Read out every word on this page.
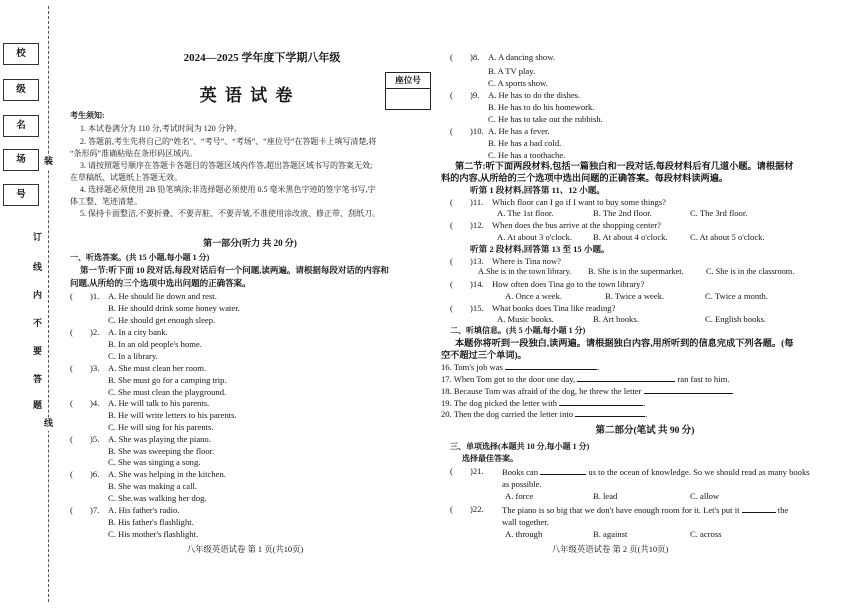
校
级
名
场
号
装
订
线
内
不
要
答
题
线
2024—2025 学年度下学期八年级
座位号
英 语 试 卷
考生须知:
1. 本试卷满分为 110 分,考试时间为 120 分钟。
2. 答题前,考生先将自己的“姓名”、“考号”、“考场”、“座位号”在答题卡上填写清楚,将
“条形码”准确粘贴在条形码区域内。
3. 请按照题号顺序在答题卡各题目的答题区域内作答,超出答题区域书写的答案无效;
在草稿纸、试题纸上答题无效。
4. 选择题必须使用 2B 铅笔填涂;非选择题必须使用 0.5 毫米黑色字迹的签字笔书写,字
体工整、笔迹清楚。
5. 保持卡面整洁,不要折叠、不要弄脏、不要弄皱,不准使用涂改液、修正带、刮纸刀。
第一部分(听力 共 20 分)
一、听选答案。(共 15 小题,每小题 1 分)
第一节:听下面 10 段对话,每段对话后有一个问题,读两遍。请根据每段对话的内容和
问题,从所给的三个选项中选出问题的正确答案。
(　　)1. A. He should lie down and rest.
B. He should drink some honey water.
C. He should get enough sleep.
(　　)2. A. In a city bank.
B. In an old people's home.
C. In a library.
(　　)3. A. She must clean her room.
B. She must go for a camping trip.
C. She must clean the playground.
(　　)4. A. He will talk to his parents.
B. He will write letters to his parents.
C. He will sing for his parents.
(　　)5. A. She was playing the piano.
B. She was sweeping the floor.
C. She was singing a song.
(　　)6. A. She was helping in the kitchen.
B. She was making a call.
C. She.was walking her dog.
(　　)7. A. His father's radio.
B. His father's flashlight.
C. His mother's flashlight.
八年级英语试卷 第 1 页(共10页)
(　　)8. A. A dancing show.
B. A TV play.
C. A sports show.
(　　)9. A. He has to do the dishes.
B. He has to do his homework.
C. He has to take out the rubbish.
(　　)10. A. He has a fever.
B. He has a bad cold.
C. He has a toothache.
第二节:听下面两段材料,包括一篇独白和一段对话,每段材料后有几道小题。请根据材
料的内容,从所给的三个选项中选出问题的正确答案。每段材料读两遍。
听第 1 段材料,回答第 11、12 小题。
(　　)11. Which floor can I go if I want to buy some things?
A. The 1st floor.	B. The 2nd floor.	C. The 3rd floor.
(　　)12. When does the bus arrive at the shopping center?
A. At about 3 o'clock. B. At about 4 o'clock.	C. At about 5 o'clock.
听第 2 段材料,回答第 13 至 15 小题。
(　　)13. Where is Tina now?
A.She is in the town library. B. She is in the supermarket.	C. She is in the classroom.
(　　)14. How often does Tina go to the town library?
A. Once a week.	B. Twice a week.	C. Twice a month.
(　　)15. What books does Tina like reading?
A. Music books.	B. Art books.	C. English books.
二、听填信息。(共 5 小题,每小题 1 分)
本题你将听到一段独白,读两遍。请根据独白内容,用所听到的信息完成下列各题。(每
空不超过三个单词)。
16. Tom's job was	.
17. When Tom got to the door one day,	ran fast to him.
18. Because Tom was afraid of the dog, he threw the letter	.
19. The dog picked the letter with	.
20. Then the dog carried the letter into	.
第二部分(笔试 共 90 分)
三、单项选择(本题共 10 分,每小题 1 分)
选择最佳答案。
(　　)21. Books can	us to the ocean of knowledge. So we should read as many books
as possible.
A. force	B. lead	C. allow
(　　)22. The piano is so big that we don't have enough room for it. Let's put it	the
wall together.
A. through	B. against	C. across
八年级英语试卷 第 2 页(共10页)
